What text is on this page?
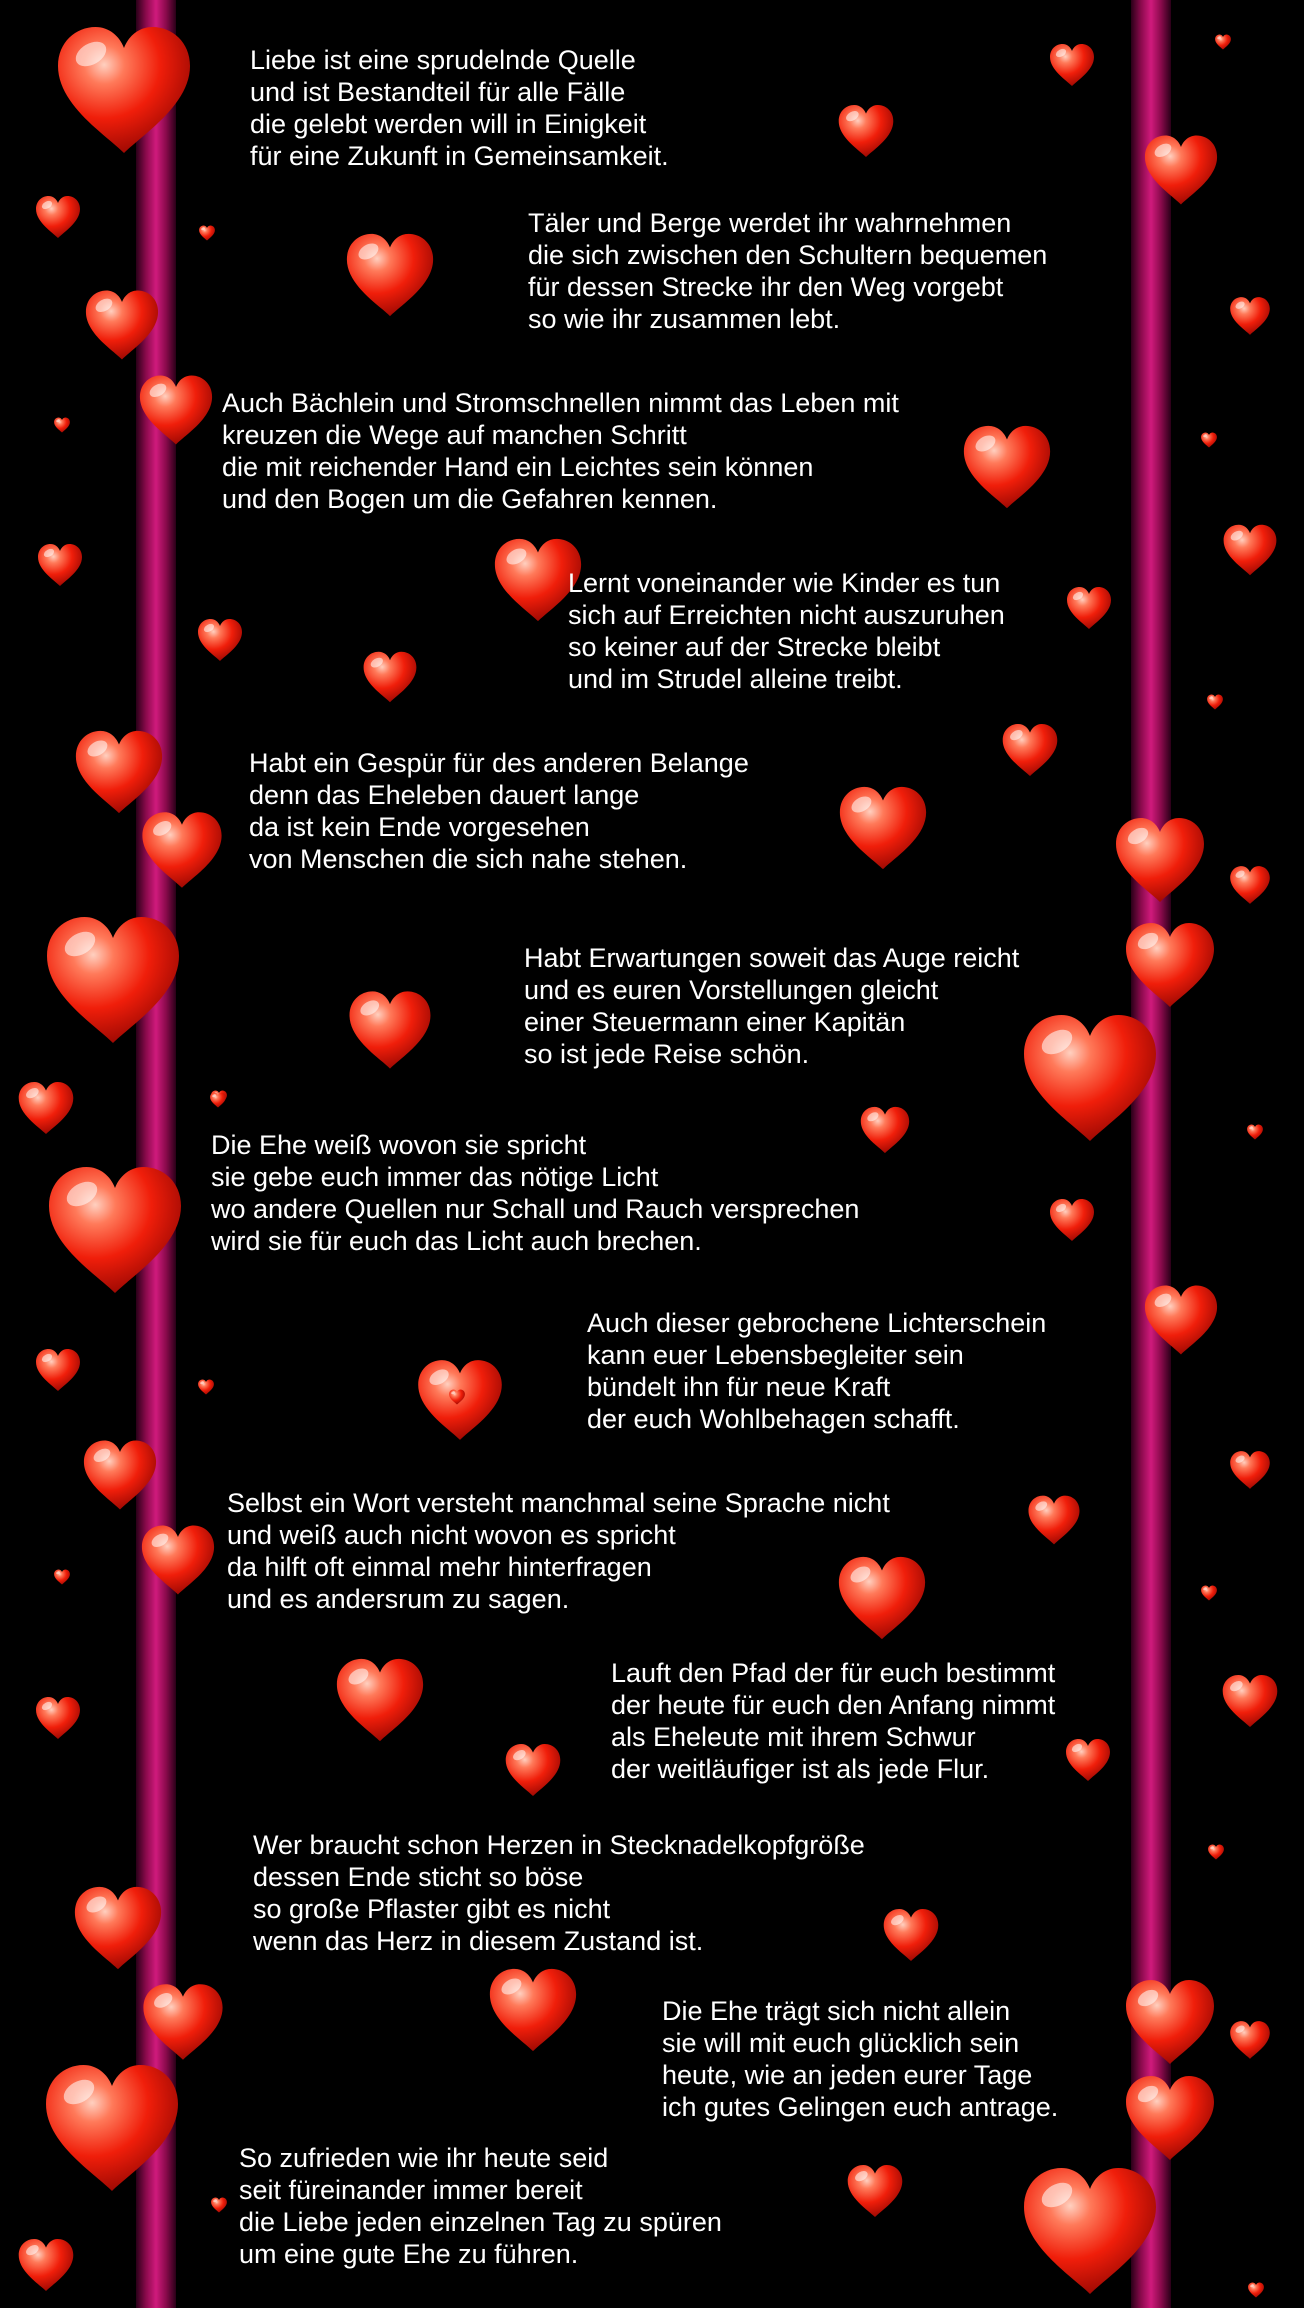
Liebe ist eine sprudelnde Quelle
und ist Bestandteil für alle Fälle
die gelebt werden will in Einigkeit
für eine Zukunft in Gemeinsamkeit.

Täler und Berge werdet ihr wahrnehmen
die sich zwischen den Schultern bequemen
für dessen Strecke ihr den Weg vorgebt
so wie ihr zusammen lebt.

Auch Bächlein und Stromschnellen nimmt das Leben mit
kreuzen die Wege auf manchen Schritt
die mit reichender Hand ein Leichtes sein können
und den Bogen um die Gefahren kennen.

Lernt voneinander wie Kinder es tun
sich auf Erreichten nicht auszuruhen
so keiner auf der Strecke bleibt
und im Strudel alleine treibt.

Habt ein Gespür für des anderen Belange
denn das Eheleben dauert lange
da ist kein Ende vorgesehen
von Menschen die sich nahe stehen.

Habt Erwartungen soweit das Auge reicht
und es euren Vorstellungen gleicht
einer Steuermann einer Kapitän
so ist jede Reise schön.

Die Ehe weiß wovon sie spricht
sie gebe euch immer das nötige Licht
wo andere Quellen nur Schall und Rauch versprechen
wird sie für euch das Licht auch brechen.

Auch dieser gebrochene Lichterschein
kann euer Lebensbegleiter sein
bündelt ihn für neue Kraft
der euch Wohlbehagen schafft.

Selbst ein Wort versteht manchmal seine Sprache nicht
und weiß auch nicht wovon es spricht
da hilft oft einmal mehr hinterfragen
und es andersrum zu sagen.

Lauft den Pfad der für euch bestimmt
der heute für euch den Anfang nimmt
als Eheleute mit ihrem Schwur
der weitläufiger ist als jede Flur.

Wer braucht schon Herzen in Stecknadelkopfgröße
dessen Ende sticht so böse
so große Pflaster gibt es nicht
wenn das Herz in diesem Zustand ist.

Die Ehe trägt sich nicht allein
sie will mit euch glücklich sein
heute, wie an jeden eurer Tage
ich gutes Gelingen euch antrage.

So zufrieden wie ihr heute seid
seit füreinander immer bereit
die Liebe jeden einzelnen Tag zu spüren
um eine gute Ehe zu führen.
